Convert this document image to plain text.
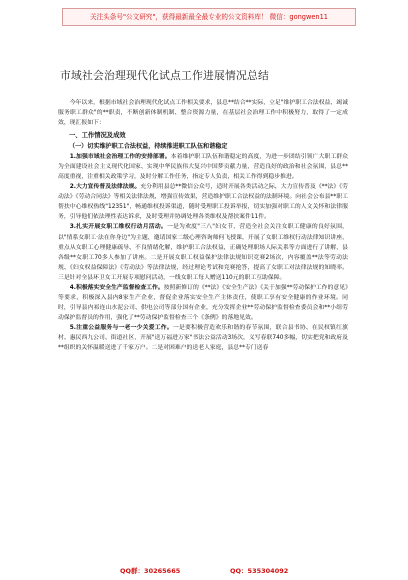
关注头条号"公文研究"，获得最新最全最专业的公文资料库！ 微信：gongwen11
市域社会治理现代化试点工作进展情况总结

今年以来，根据市域社会治理现代化试点工作相关要求，县总**结合**实际，立足"维护职工合法权益、竭诚服务职工群众"的**职责，不断创新体制机制、整合资源力量，在基层社会治理工作中积极努力，取得了一定成效，现汇报如下：

一、工作情况及成效
（一）切实维护职工合法权益，持续推进职工队伍和谐稳定

1.加强市域社会治理工作的安排部署。本着维护职工队伍和谐稳定的高度，为进一步团结引领广大职工群众为全面建设社会主义现代化国家、实现中华民族伟大复兴中国梦贡献力量，营造良好的政治和社会氛围，县总**高度重视，注重相关政策学习，及时分解工作任务，指定专人负责，相关工作得到稳步推进。

2.大力宣传普及法律法规。充分利用县总**微信公众号，适时开展各类活动之际，大力宣传普及《**法》《劳动法》《劳动合同法》等相关法律法规，增强宣传效果，营造维护职工合法权益的法制环境。向社会公布县**职工帮扶中心维权热线"12351"，畅通维权投诉渠道，随时受理职工投诉举报，切实加强对职工的人文关怀和法律服务，引导他们依法理性表达诉求，及时受理并协调处理各类维权及帮扶案件11件。

3.扎实开展女职工维权行动月活动。一是为欢度"三八"妇女节，营造全社会关注女职工健康的良好氛围，以"情系女职工·法在你身边"为主题，邀请国家二级心理咨询师何飞授课，开展了女职工维权行动法律知识讲座，重点从女职工心理健康疏导、不良情绪化解，维护职工合法权益，正确处理职场人际关系等方面进行了讲解，县各级**女职工70多人参加了讲座。二是开展女职工权益保护法律法规知识竞赛2场次，内容覆盖**法等劳动法规、《妇女权益保障法》《劳动法》等法律法规，经过理论考试和竞赛抢答，提高了女职工对法律法规的知晓率。三是针对全县环卫女工开展专项慰问活动，一线女职工每人赠送110元的职工互助保障。

4.积极落实安全生产监督检查工作。按照新修订的《**法》《安全生产法》《关于加强**劳动保护工作的意见》等要求，积极深入县内8家生产企业，督促企业落实安全生产主体责任，使职工享有安全健康的作业环境。同时，引导县内祁连山水泥公司、供电公司等部分国有企业，充分发挥企业**劳动保护监督检查委员会和**小组劳动保护监督员的作用，强化了**劳动保护监督检查三个《条例》的落地见效。

5.注重公益服务与一老一少关爱工作。一是要积极营造欢乐和谐的春节氛围，联合县书协、在民权镇红旗村、惠民西九公司、街道社区，开展"送万福进万家"书法公益活动3场次，义写春联740多幅，切实把党和政府及**组织的关怀温暖送进了千家万户。二是对困难户的送老人家庭，县总**专门送春

QQ群：30265665	QQ：535304092
